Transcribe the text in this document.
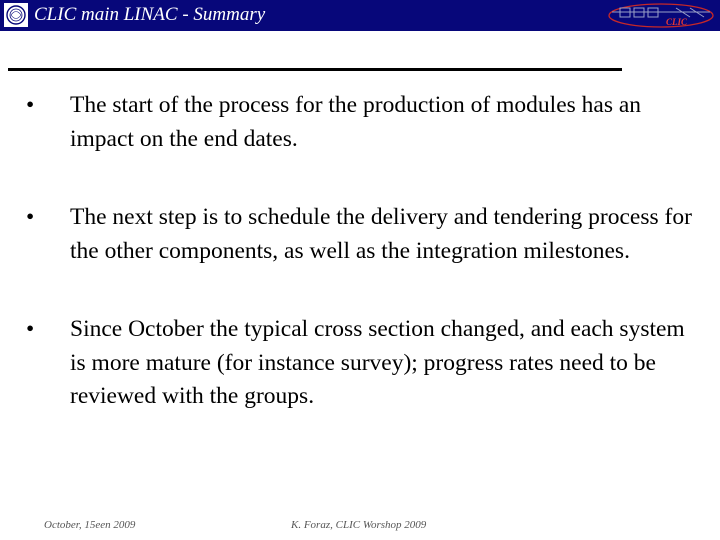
CLIC main LINAC - Summary	CLIC
•	The start of the process for the production of modules has an impact on the end dates.
•	The next step is to schedule the delivery and tendering process for the other components, as well as the integration milestones.
•	Since October the typical cross section changed, and each system is more mature (for instance survey); progress rates need to be reviewed with the groups.
October, 15een 2009	K. Foraz, CLIC Worshop 2009
